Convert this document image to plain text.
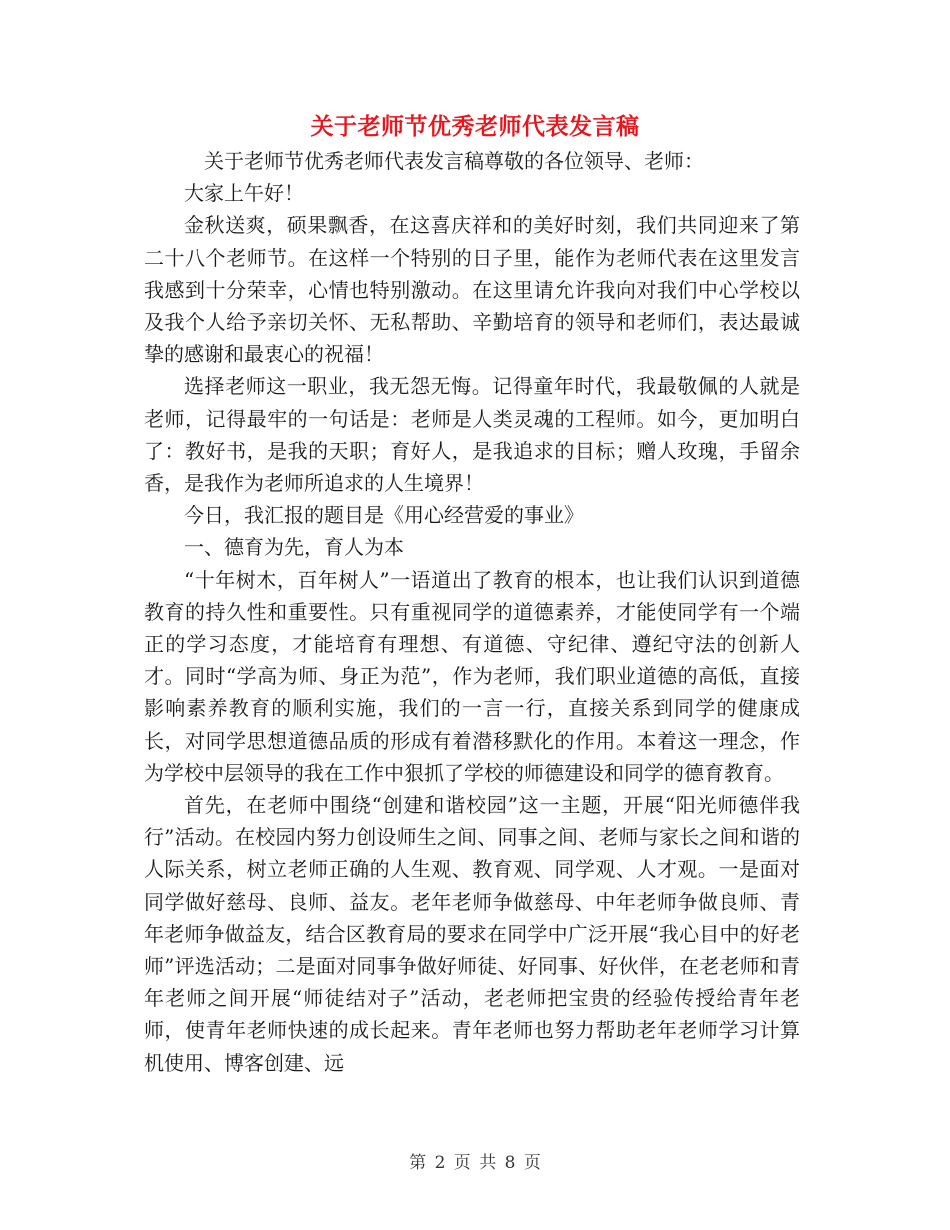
关于老师节优秀老师代表发言稿

关于老师节优秀老师代表发言稿尊敬的各位领导、老师：

大家上午好！

金秋送爽，硕果飘香，在这喜庆祥和的美好时刻，我们共同迎来了第二十八个老师节。在这样一个特别的日子里，能作为老师代表在这里发言我感到十分荣幸，心情也特别激动。在这里请允许我向对我们中心学校以及我个人给予亲切关怀、无私帮助、辛勤培育的领导和老师们，表达最诚挚的感谢和最衷心的祝福！

选择老师这一职业，我无怨无悔。记得童年时代，我最敬佩的人就是老师，记得最牢的一句话是：老师是人类灵魂的工程师。如今，更加明白了：教好书，是我的天职；育好人，是我追求的目标；赠人玫瑰，手留余香，是我作为老师所追求的人生境界！

今日，我汇报的题目是《用心经营爱的事业》

一、德育为先，育人为本

“十年树木，百年树人”一语道出了教育的根本，也让我们认识到道德教育的持久性和重要性。只有重视同学的道德素养，才能使同学有一个端正的学习态度，才能培育有理想、有道德、守纪律、遵纪守法的创新人才。同时“学高为师、身正为范”，作为老师，我们职业道德的高低，直接影响素养教育的顺利实施，我们的一言一行，直接关系到同学的健康成长，对同学思想道德品质的形成有着潜移默化的作用。本着这一理念，作为学校中层领导的我在工作中狠抓了学校的师德建设和同学的德育教育。

首先，在老师中围绕“创建和谐校园”这一主题，开展“阳光师德伴我行”活动。在校园内努力创设师生之间、同事之间、老师与家长之间和谐的人际关系，树立老师正确的人生观、教育观、同学观、人才观。一是面对同学做好慈母、良师、益友。老年老师争做慈母、中年老师争做良师、青年老师争做益友，结合区教育局的要求在同学中广泛开展“我心目中的好老师”评选活动；二是面对同事争做好师徒、好同事、好伙伴，在老老师和青年老师之间开展“师徒结对子”活动，老老师把宝贵的经验传授给青年老师，使青年老师快速的成长起来。青年老师也努力帮助老年老师学习计算机使用、博客创建、远

第 2 页 共 8 页
